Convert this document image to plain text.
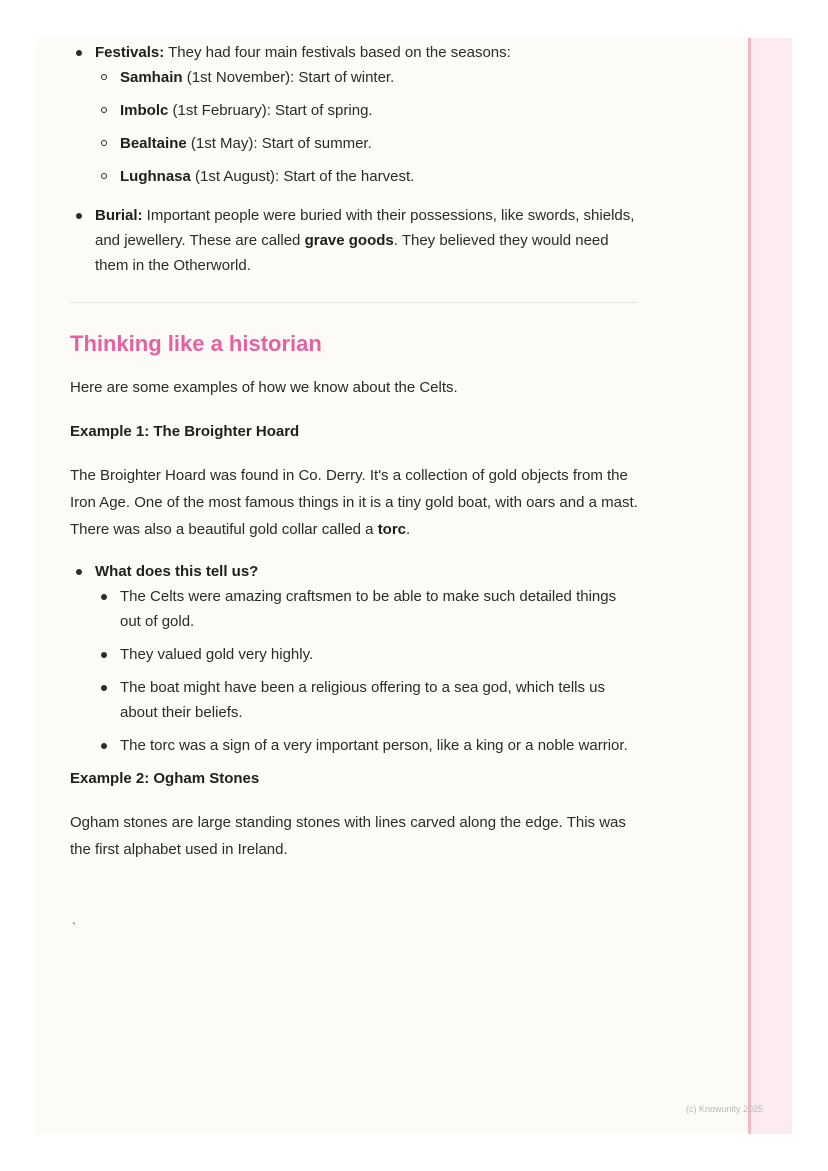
Festivals: They had four main festivals based on the seasons:
Samhain (1st November): Start of winter.
Imbolc (1st February): Start of spring.
Bealtaine (1st May): Start of summer.
Lughnasa (1st August): Start of the harvest.
Burial: Important people were buried with their possessions, like swords, shields, and jewellery. These are called grave goods. They believed they would need them in the Otherworld.
Thinking like a historian

Here are some examples of how we know about the Celts.

Example 1: The Broighter Hoard

The Broighter Hoard was found in Co. Derry. It's a collection of gold objects from the Iron Age. One of the most famous things in it is a tiny gold boat, with oars and a mast. There was also a beautiful gold collar called a torc.

What does this tell us?
The Celts were amazing craftsmen to be able to make such detailed things out of gold.
They valued gold very highly.
The boat might have been a religious offering to a sea god, which tells us about their beliefs.
The torc was a sign of a very important person, like a king or a noble warrior.

Example 2: Ogham Stones

Ogham stones are large standing stones with lines carved along the edge. This was the first alphabet used in Ireland.

`
(c) Knowunity 2025
